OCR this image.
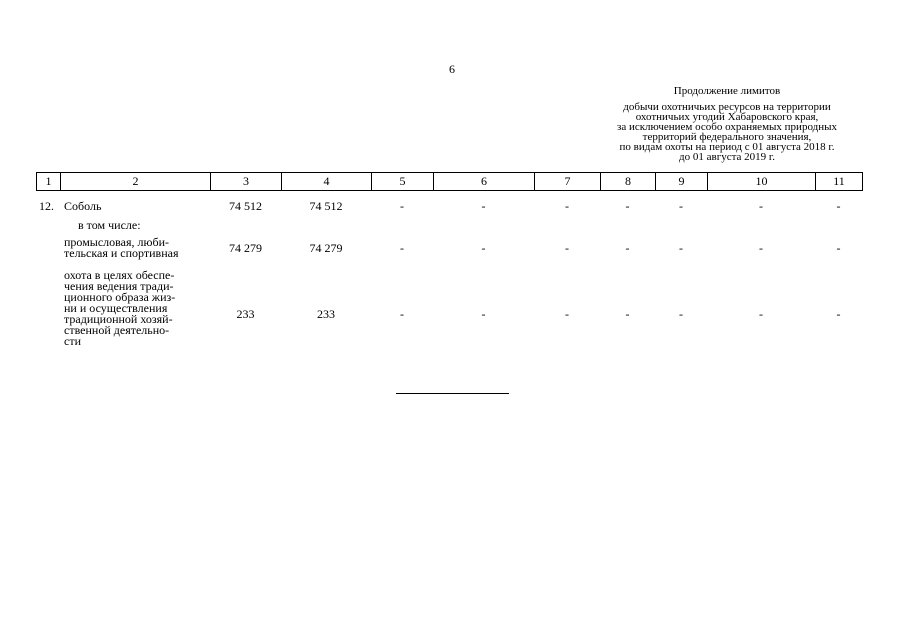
6
Продолжение лимитов
добычи охотничьих ресурсов на территории
охотничьих угодий Хабаровского края,
за исключением особо охраняемых природных
территорий федерального значения,
по видам охоты на период с 01 августа 2018 г.
до 01 августа 2019 г.
1	2	3	4	5	6	7	8	9	10	11
12. Соболь	74 512	74 512	-	-	-	-	-	-	-
в том числе:
промысловая, люби-
тельская и спортивная	74 279	74 279	-	-	-	-	-	-	-
охота в целях обеспе-
чения ведения тради-
ционного образа жиз-
ни и осуществления
традиционной хозяй-
ственной деятельно-
сти
233	233	-	-	-	-	-	-	-
